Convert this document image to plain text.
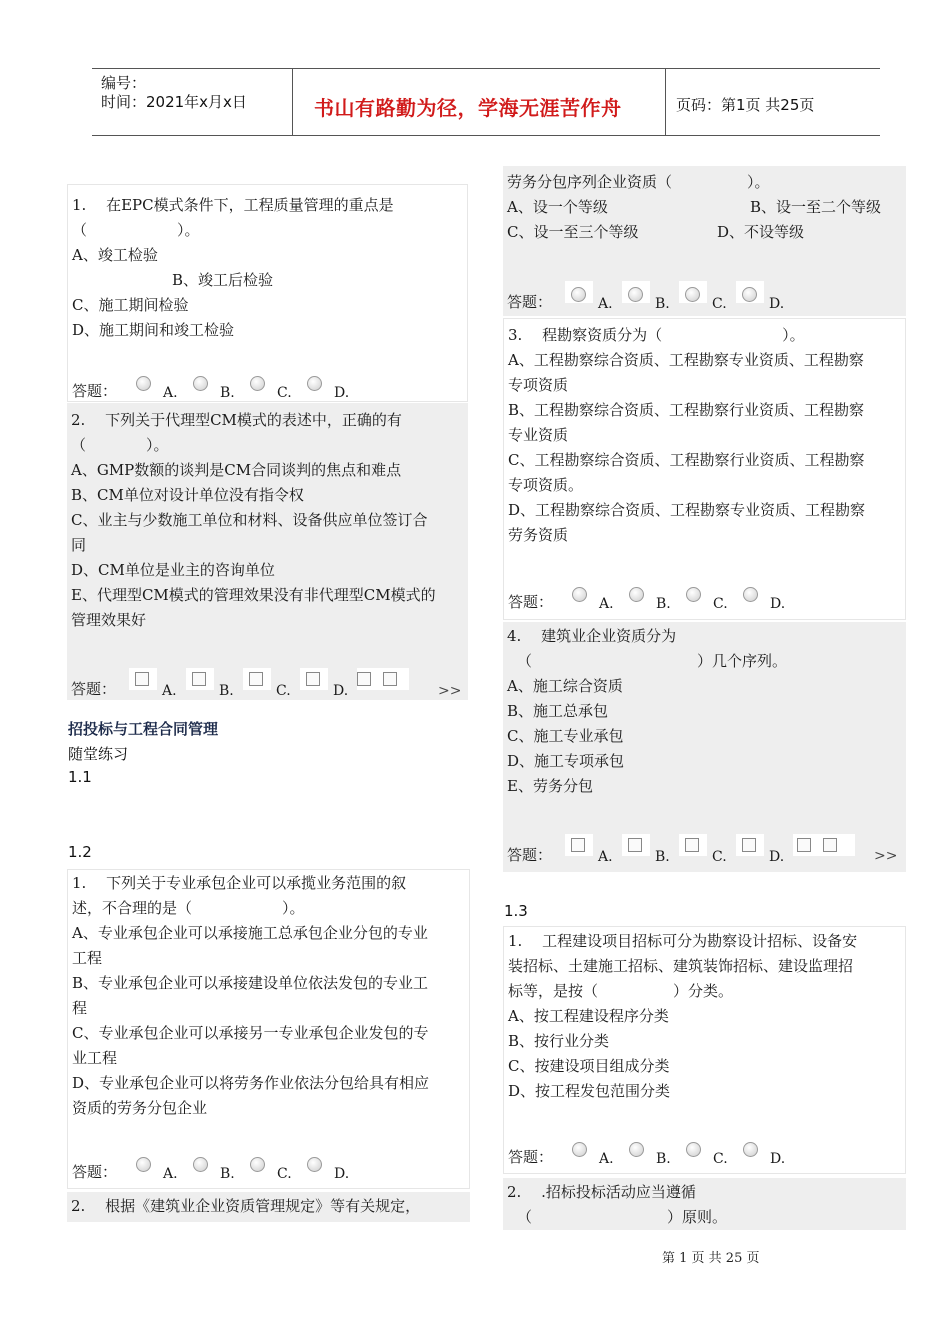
编号：
时间：2021年x月x日	书山有路勤为径，学海无涯苦作舟	页码：第1页 共25页
1.　 在EPC模式条件下，工程质量管理的重点是
（　　　　　　）。
A、竣工检验
B、竣工后检验
C、施工期间检验
D、施工期间和竣工检验
答题：	A.	B.	C.	D.
2.　 下列关于代理型CM模式的表述中，正确的有
（　　　　）。
A、GMP数额的谈判是CM合同谈判的焦点和难点
B、CM单位对设计单位没有指令权
C、业主与少数施工单位和材料、设备供应单位签订合
同
D、CM单位是业主的咨询单位
E、代理型CM模式的管理效果没有非代理型CM模式的
管理效果好
答题：	A.	B.	C.	D.	>>
招投标与工程合同管理
随堂练习
1.1
1.2
1.　 下列关于专业承包企业可以承揽业务范围的叙
述，不合理的是（　　　　　　）。
A、专业承包企业可以承接施工总承包企业分包的专业
工程
B、专业承包企业可以承接建设单位依法发包的专业工
程
C、专业承包企业可以承接另一专业承包企业发包的专
业工程
D、专业承包企业可以将劳务作业依法分包给具有相应
资质的劳务分包企业
答题：	A.	B.	C.	D.
2.　 根据《建筑业企业资质管理规定》等有关规定，
劳务分包序列企业资质（　　　　　）。
A、设一个等级	B、设一至二个等级
C、设一至三个等级	D、不设等级
答题：	A.	B.	C.	D.
3.　 程勘察资质分为（　　　　　　　　）。
A、工程勘察综合资质、工程勘察专业资质、工程勘察
专项资质
B、工程勘察综合资质、工程勘察行业资质、工程勘察
专业资质
C、工程勘察综合资质、工程勘察行业资质、工程勘察
专项资质。
D、工程勘察综合资质、工程勘察专业资质、工程勘察
劳务资质
答题：	A.	B.	C.	D.
4.　 建筑业企业资质分为
（　　　　　　　　　　　）几个序列。
A、施工综合资质
B、施工总承包
C、施工专业承包
D、施工专项承包
E、劳务分包
答题：	A.	B.	C.	D.	>>
1.3
1.　 工程建设项目招标可分为勘察设计招标、设备安
装招标、土建施工招标、建筑装饰招标、建设监理招
标等，是按（　　　　　）分类。
A、按工程建设程序分类
B、按行业分类
C、按建设项目组成分类
D、按工程发包范围分类
答题：	A.	B.	C.	D.
2.　 .招标投标活动应当遵循
（　　　　　　　　　）原则。
第 1 页 共 25 页
